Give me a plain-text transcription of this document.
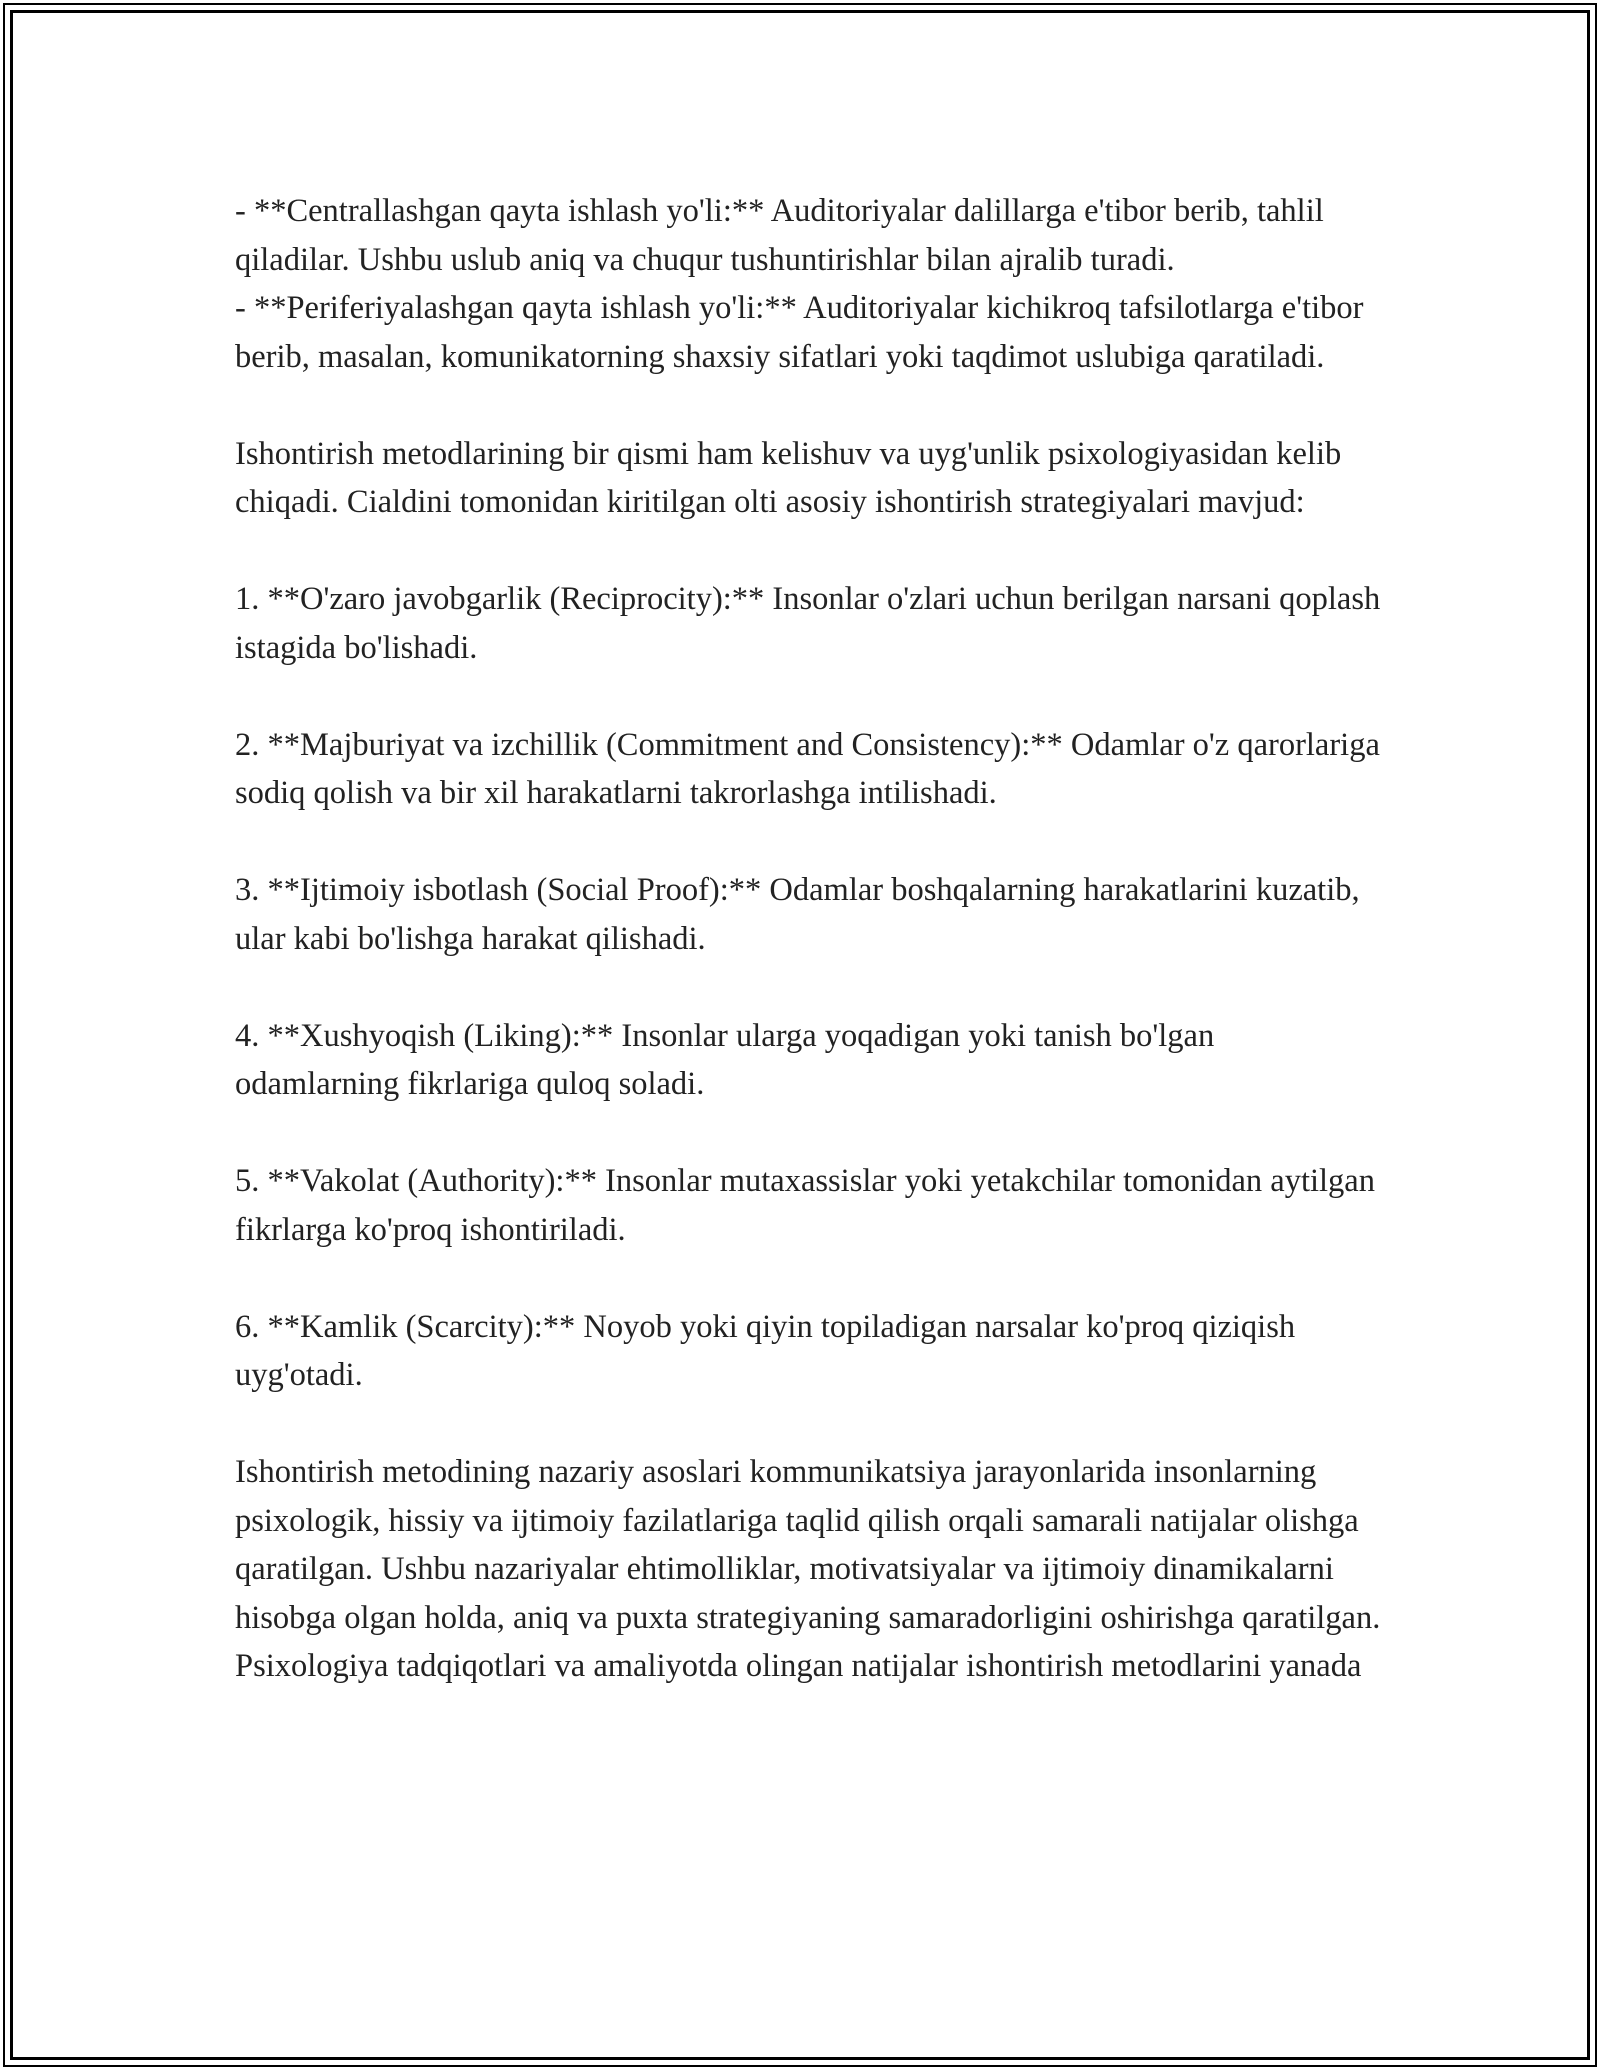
- **Centrallashgan qayta ishlash yo'li:** Auditoriyalar dalillarga e'tibor berib, tahlil qiladilar. Ushbu uslub aniq va chuqur tushuntirishlar bilan ajralib turadi.

- **Periferiyalashgan qayta ishlash yo'li:** Auditoriyalar kichikroq tafsilotlarga e'tibor berib, masalan, komunikatorning shaxsiy sifatlari yoki taqdimot uslubiga qaratiladi.

Ishontirish metodlarining bir qismi ham kelishuv va uyg'unlik psixologiyasidan kelib chiqadi. Cialdini tomonidan kiritilgan olti asosiy ishontirish strategiyalari mavjud:

1. **O'zaro javobgarlik (Reciprocity):** Insonlar o'zlari uchun berilgan narsani qoplash istagida bo'lishadi.

2. **Majburiyat va izchillik (Commitment and Consistency):** Odamlar o'z qarorlariga sodiq qolish va bir xil harakatlarni takrorlashga intilishadi.

3. **Ijtimoiy isbotlash (Social Proof):** Odamlar boshqalarning harakatlarini kuzatib, ular kabi bo'lishga harakat qilishadi.

4. **Xushyoqish (Liking):** Insonlar ularga yoqadigan yoki tanish bo'lgan odamlarning fikrlariga quloq soladi.

5. **Vakolat (Authority):** Insonlar mutaxassislar yoki yetakchilar tomonidan aytilgan fikrlarga ko'proq ishontiriladi.

6. **Kamlik (Scarcity):** Noyob yoki qiyin topiladigan narsalar ko'proq qiziqish uyg'otadi.

Ishontirish metodining nazariy asoslari kommunikatsiya jarayonlarida insonlarning psixologik, hissiy va ijtimoiy fazilatlariga taqlid qilish orqali samarali natijalar olishga qaratilgan. Ushbu nazariyalar ehtimolliklar, motivatsiyalar va ijtimoiy dinamikalarni hisobga olgan holda, aniq va puxta strategiyaning samaradorligini oshirishga qaratilgan. Psixologiya tadqiqotlari va amaliyotda olingan natijalar ishontirish metodlarini yanada
